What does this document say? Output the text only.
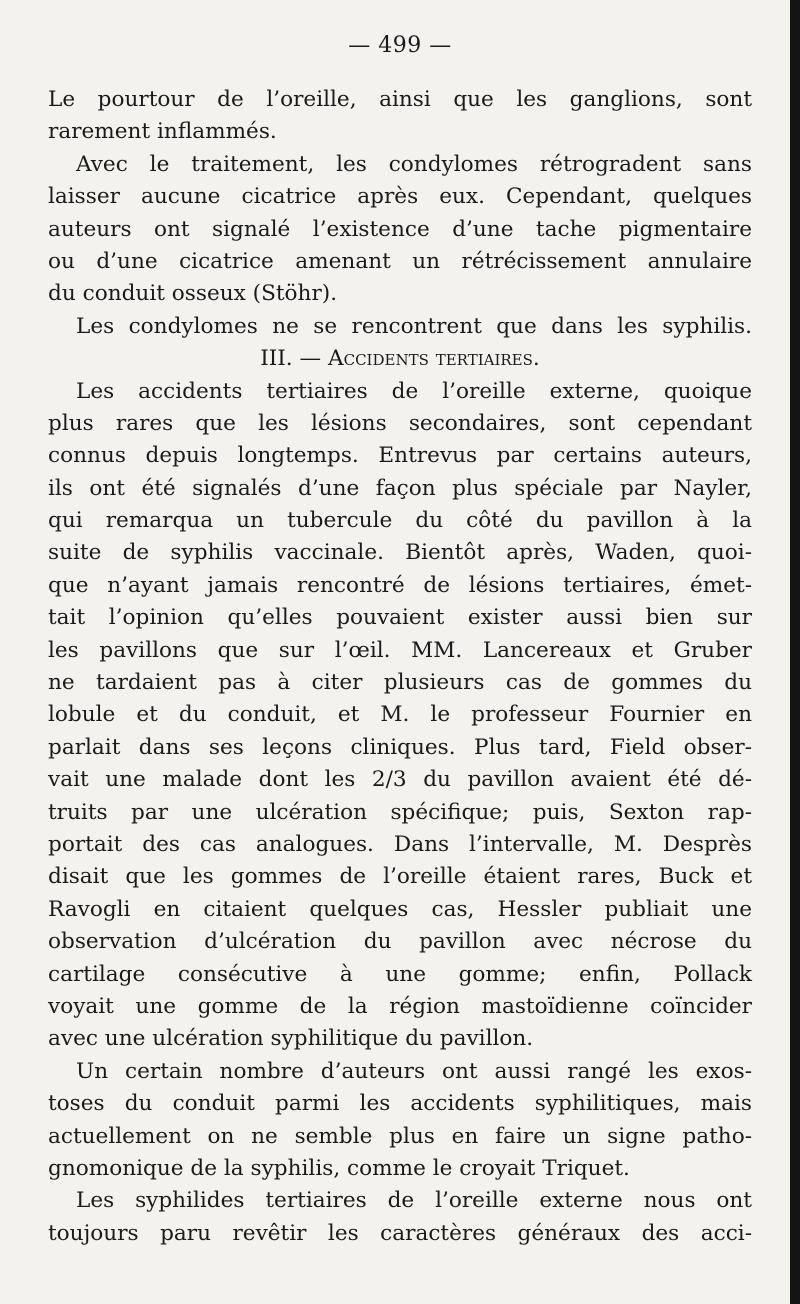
— 499 —
Le pourtour de l’oreille, ainsi que les ganglions, sont
rarement inflammés.
Avec le traitement, les condylomes rétrogradent sans
laisser aucune cicatrice après eux. Cependant, quelques
auteurs ont signalé l’existence d’une tache pigmentaire
ou d’une cicatrice amenant un rétrécissement annulaire
du conduit osseux (Stöhr).
Les condylomes ne se rencontrent que dans les syphilis.
III. — Accidents tertiaires.
Les accidents tertiaires de l’oreille externe, quoique
plus rares que les lésions secondaires, sont cependant
connus depuis longtemps. Entrevus par certains auteurs,
ils ont été signalés d’une façon plus spéciale par Nayler,
qui remarqua un tubercule du côté du pavillon à la
suite de syphilis vaccinale. Bientôt après, Waden, quoi-
que n’ayant jamais rencontré de lésions tertiaires, émet-
tait l’opinion qu’elles pouvaient exister aussi bien sur
les pavillons que sur l’œil. MM. Lancereaux et Gruber
ne tardaient pas à citer plusieurs cas de gommes du
lobule et du conduit, et M. le professeur Fournier en
parlait dans ses leçons cliniques. Plus tard, Field obser-
vait une malade dont les 2/3 du pavillon avaient été dé-
truits par une ulcération spécifique; puis, Sexton rap-
portait des cas analogues. Dans l’intervalle, M. Desprès
disait que les gommes de l’oreille étaient rares, Buck et
Ravogli en citaient quelques cas, Hessler publiait une
observation d’ulcération du pavillon avec nécrose du
cartilage consécutive à une gomme; enfin, Pollack
voyait une gomme de la région mastoïdienne coïncider
avec une ulcération syphilitique du pavillon.
Un certain nombre d’auteurs ont aussi rangé les exos-
toses du conduit parmi les accidents syphilitiques, mais
actuellement on ne semble plus en faire un signe patho-
gnomonique de la syphilis, comme le croyait Triquet.
Les syphilides tertiaires de l’oreille externe nous ont
toujours paru revêtir les caractères généraux des acci-
